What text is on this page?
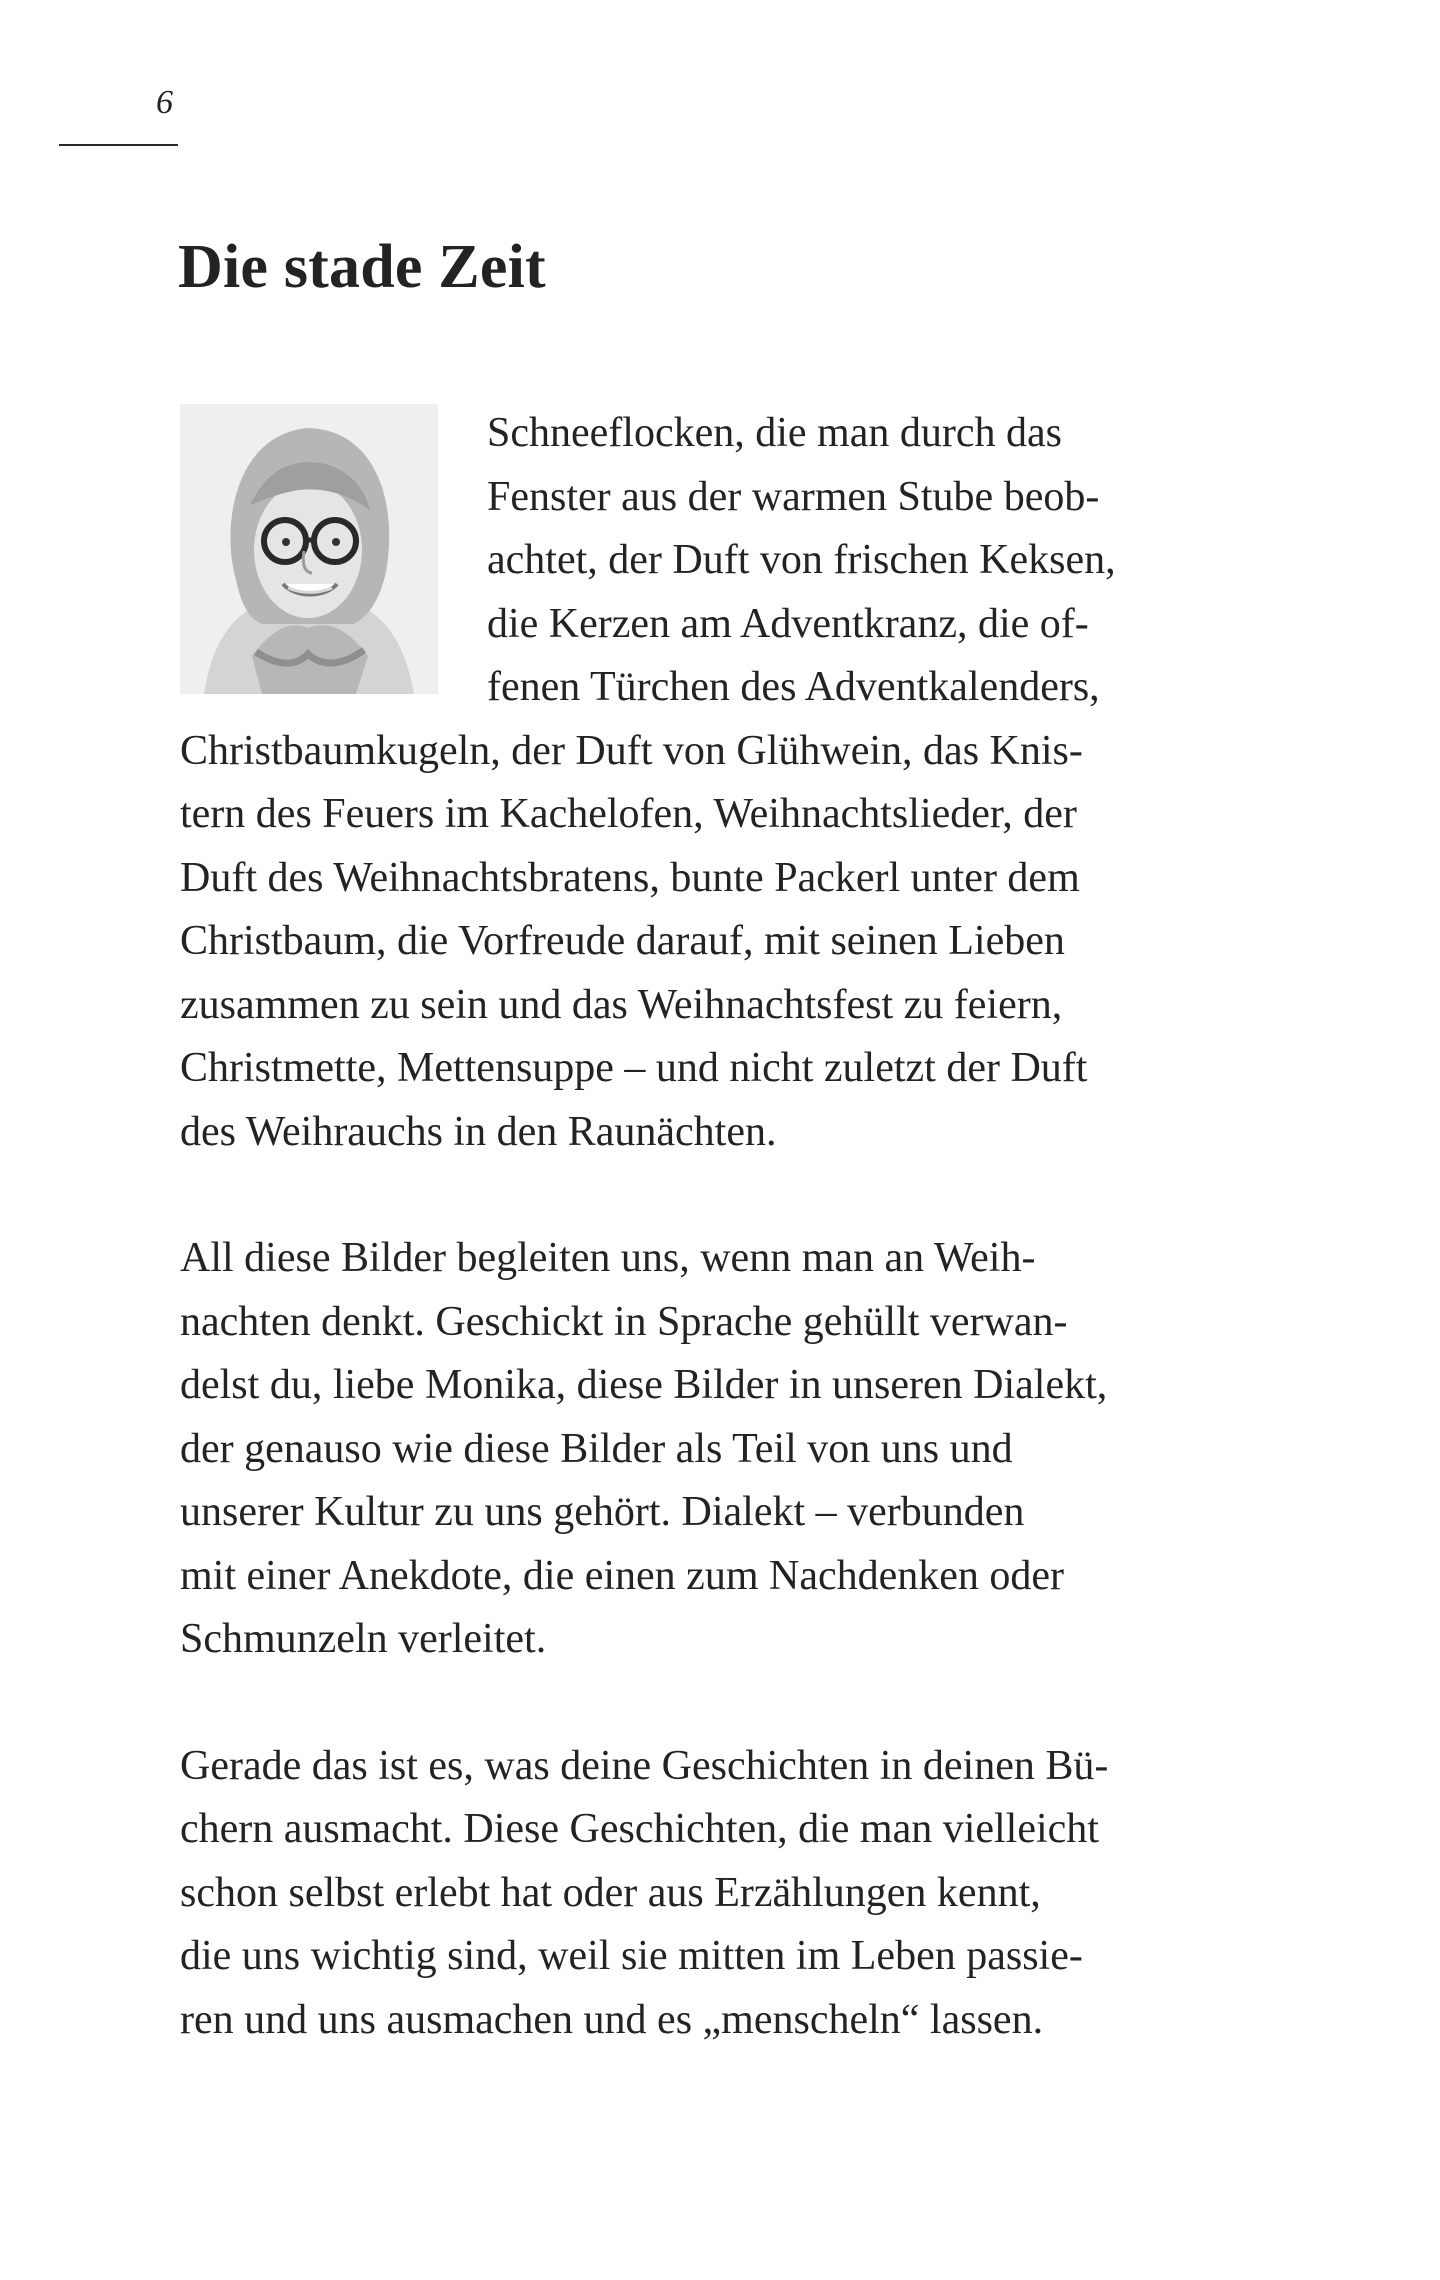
6
Die stade Zeit

Schneeflocken, die man durch das
Fenster aus der warmen Stube beob-
achtet, der Duft von frischen Keksen,
die Kerzen am Adventkranz, die of-
fenen Türchen des Adventkalenders,
Christbaumkugeln, der Duft von Glühwein, das Knis-
tern des Feuers im Kachelofen, Weihnachtslieder, der
Duft des Weihnachtsbratens, bunte Packerl unter dem
Christbaum, die Vorfreude darauf, mit seinen Lieben
zusammen zu sein und das Weihnachtsfest zu feiern,
Christmette, Mettensuppe – und nicht zuletzt der Duft
des Weihrauchs in den Raunächten.

All diese Bilder begleiten uns, wenn man an Weih-
nachten denkt. Geschickt in Sprache gehüllt verwan-
delst du, liebe Monika, diese Bilder in unseren Dialekt,
der genauso wie diese Bilder als Teil von uns und
unserer Kultur zu uns gehört. Dialekt – verbunden
mit einer Anekdote, die einen zum Nachdenken oder
Schmunzeln verleitet.

Gerade das ist es, was deine Geschichten in deinen Bü-
chern ausmacht. Diese Geschichten, die man vielleicht
schon selbst erlebt hat oder aus Erzählungen kennt,
die uns wichtig sind, weil sie mitten im Leben passie-
ren und uns ausmachen und es „menscheln“ lassen.
